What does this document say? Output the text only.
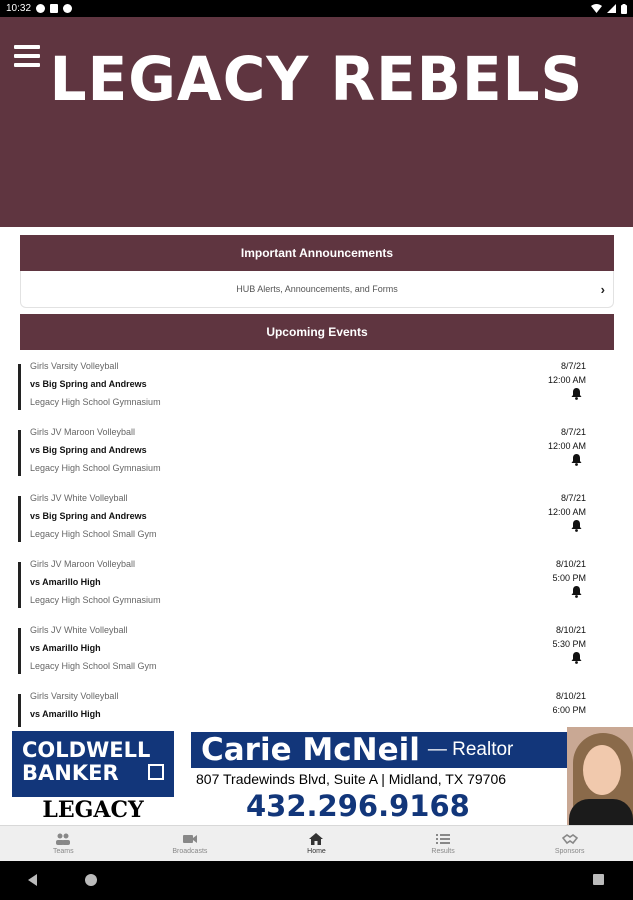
10:32
LEGACY REBELS
Important Announcements
HUB Alerts, Announcements, and Forms	›
Upcoming Events
Girls Varsity Volleyball
vs Big Spring and Andrews
Legacy High School Gymnasium
8/7/21
12:00 AM
Girls JV Maroon Volleyball
vs Big Spring and Andrews
Legacy High School Gymnasium
8/7/21
12:00 AM
Girls JV White Volleyball
vs Big Spring and Andrews
Legacy High School Small Gym
8/7/21
12:00 AM
Girls JV Maroon Volleyball
vs Amarillo High
Legacy High School Gymnasium
8/10/21
5:00 PM
Girls JV White Volleyball
vs Amarillo High
Legacy High School Small Gym
8/10/21
5:30 PM
Girls Varsity Volleyball
vs Amarillo High
8/10/21
6:00 PM
COLDWELL
BANKER
LEGACY
Carie McNeil — Realtor
807 Tradewinds Blvd, Suite A | Midland, TX 79706
432.296.9168
Teams	Broadcasts	Home	Results	Sponsors
